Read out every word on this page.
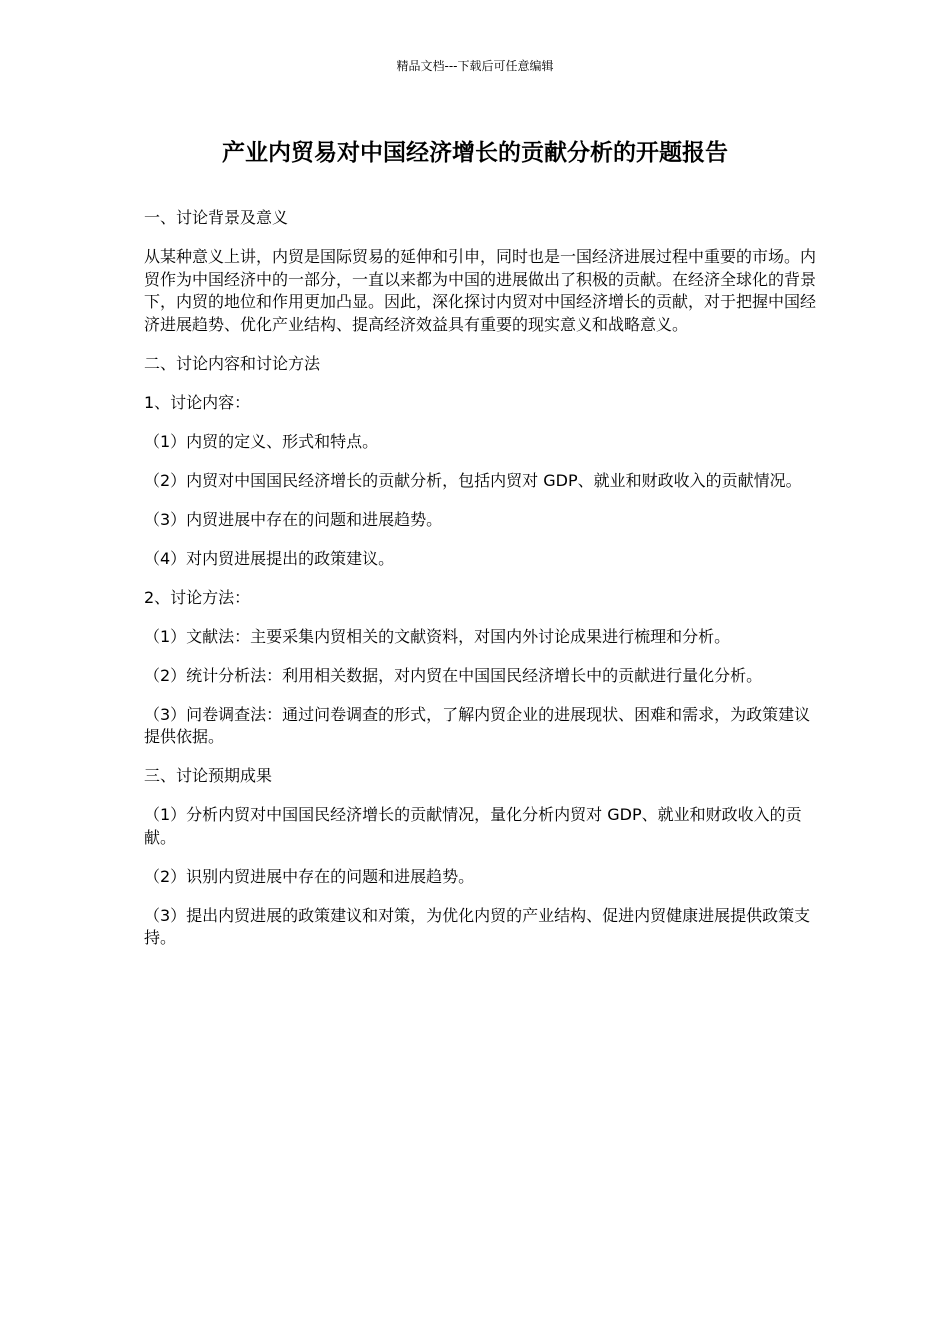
精品文档---下载后可任意编辑
产业内贸易对中国经济增长的贡献分析的开题报告

一、讨论背景及意义

从某种意义上讲，内贸是国际贸易的延伸和引申，同时也是一国经济进展过程中重要的市场。内贸作为中国经济中的一部分，一直以来都为中国的进展做出了积极的贡献。在经济全球化的背景下，内贸的地位和作用更加凸显。因此，深化探讨内贸对中国经济增长的贡献，对于把握中国经济进展趋势、优化产业结构、提高经济效益具有重要的现实意义和战略意义。

二、讨论内容和讨论方法

1、讨论内容：

（1）内贸的定义、形式和特点。

（2）内贸对中国国民经济增长的贡献分析，包括内贸对 GDP、就业和财政收入的贡献情况。

（3）内贸进展中存在的问题和进展趋势。

（4）对内贸进展提出的政策建议。

2、讨论方法：

（1）文献法：主要采集内贸相关的文献资料，对国内外讨论成果进行梳理和分析。

（2）统计分析法：利用相关数据，对内贸在中国国民经济增长中的贡献进行量化分析。

（3）问卷调查法：通过问卷调查的形式，了解内贸企业的进展现状、困难和需求，为政策建议提供依据。

三、讨论预期成果

（1）分析内贸对中国国民经济增长的贡献情况，量化分析内贸对 GDP、就业和财政收入的贡献。

（2）识别内贸进展中存在的问题和进展趋势。

（3）提出内贸进展的政策建议和对策，为优化内贸的产业结构、促进内贸健康进展提供政策支持。
